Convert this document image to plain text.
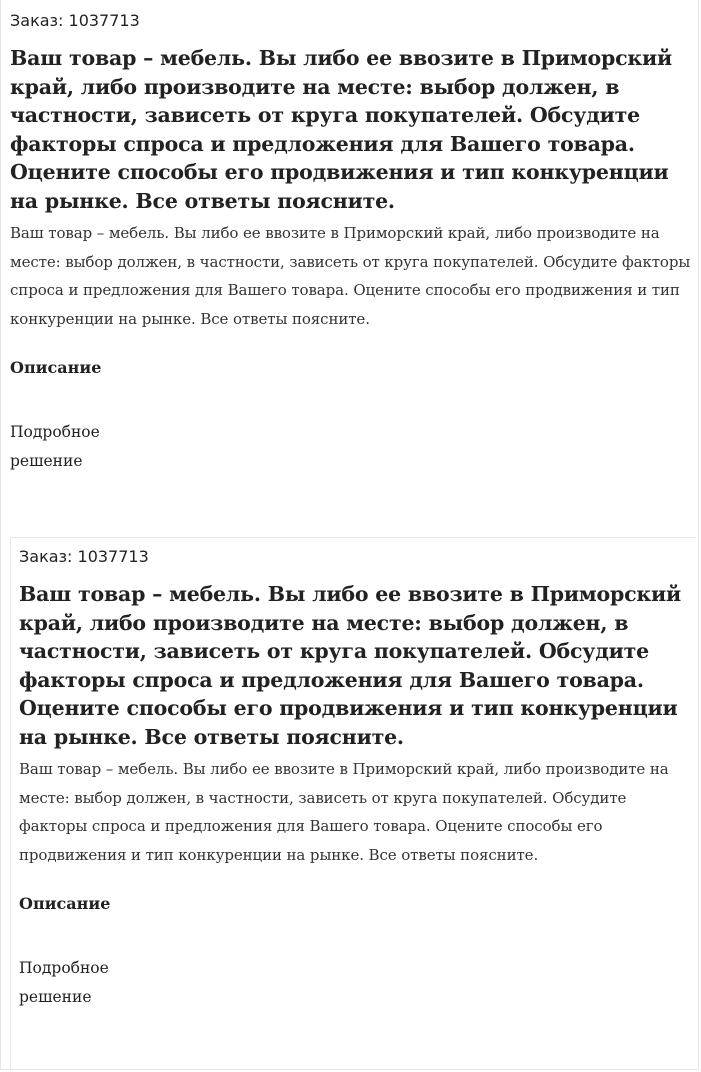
Заказ: 1037713

Ваш товар – мебель. Вы либо ее ввозите в Приморский край, либо производите на месте: выбор должен, в частности, зависеть от круга покупателей. Обсудите факторы спроса и предложения для Вашего товара. Оцените способы его продвижения и тип конкуренции на рынке. Все ответы поясните.

Ваш товар – мебель. Вы либо ее ввозите в Приморский край, либо производите на месте: выбор должен, в частности, зависеть от круга покупателей. Обсудите факторы спроса и предложения для Вашего товара. Оцените способы его продвижения и тип конкуренции на рынке. Все ответы поясните.

Описание
Подробное решение

Заказ: 1037713

Ваш товар – мебель. Вы либо ее ввозите в Приморский край, либо производите на месте: выбор должен, в частности, зависеть от круга покупателей. Обсудите факторы спроса и предложения для Вашего товара. Оцените способы его продвижения и тип конкуренции на рынке. Все ответы поясните.

Ваш товар – мебель. Вы либо ее ввозите в Приморский край, либо производите на месте: выбор должен, в частности, зависеть от круга покупателей. Обсудите факторы спроса и предложения для Вашего товара. Оцените способы его продвижения и тип конкуренции на рынке. Все ответы поясните.

Описание
Подробное решение
